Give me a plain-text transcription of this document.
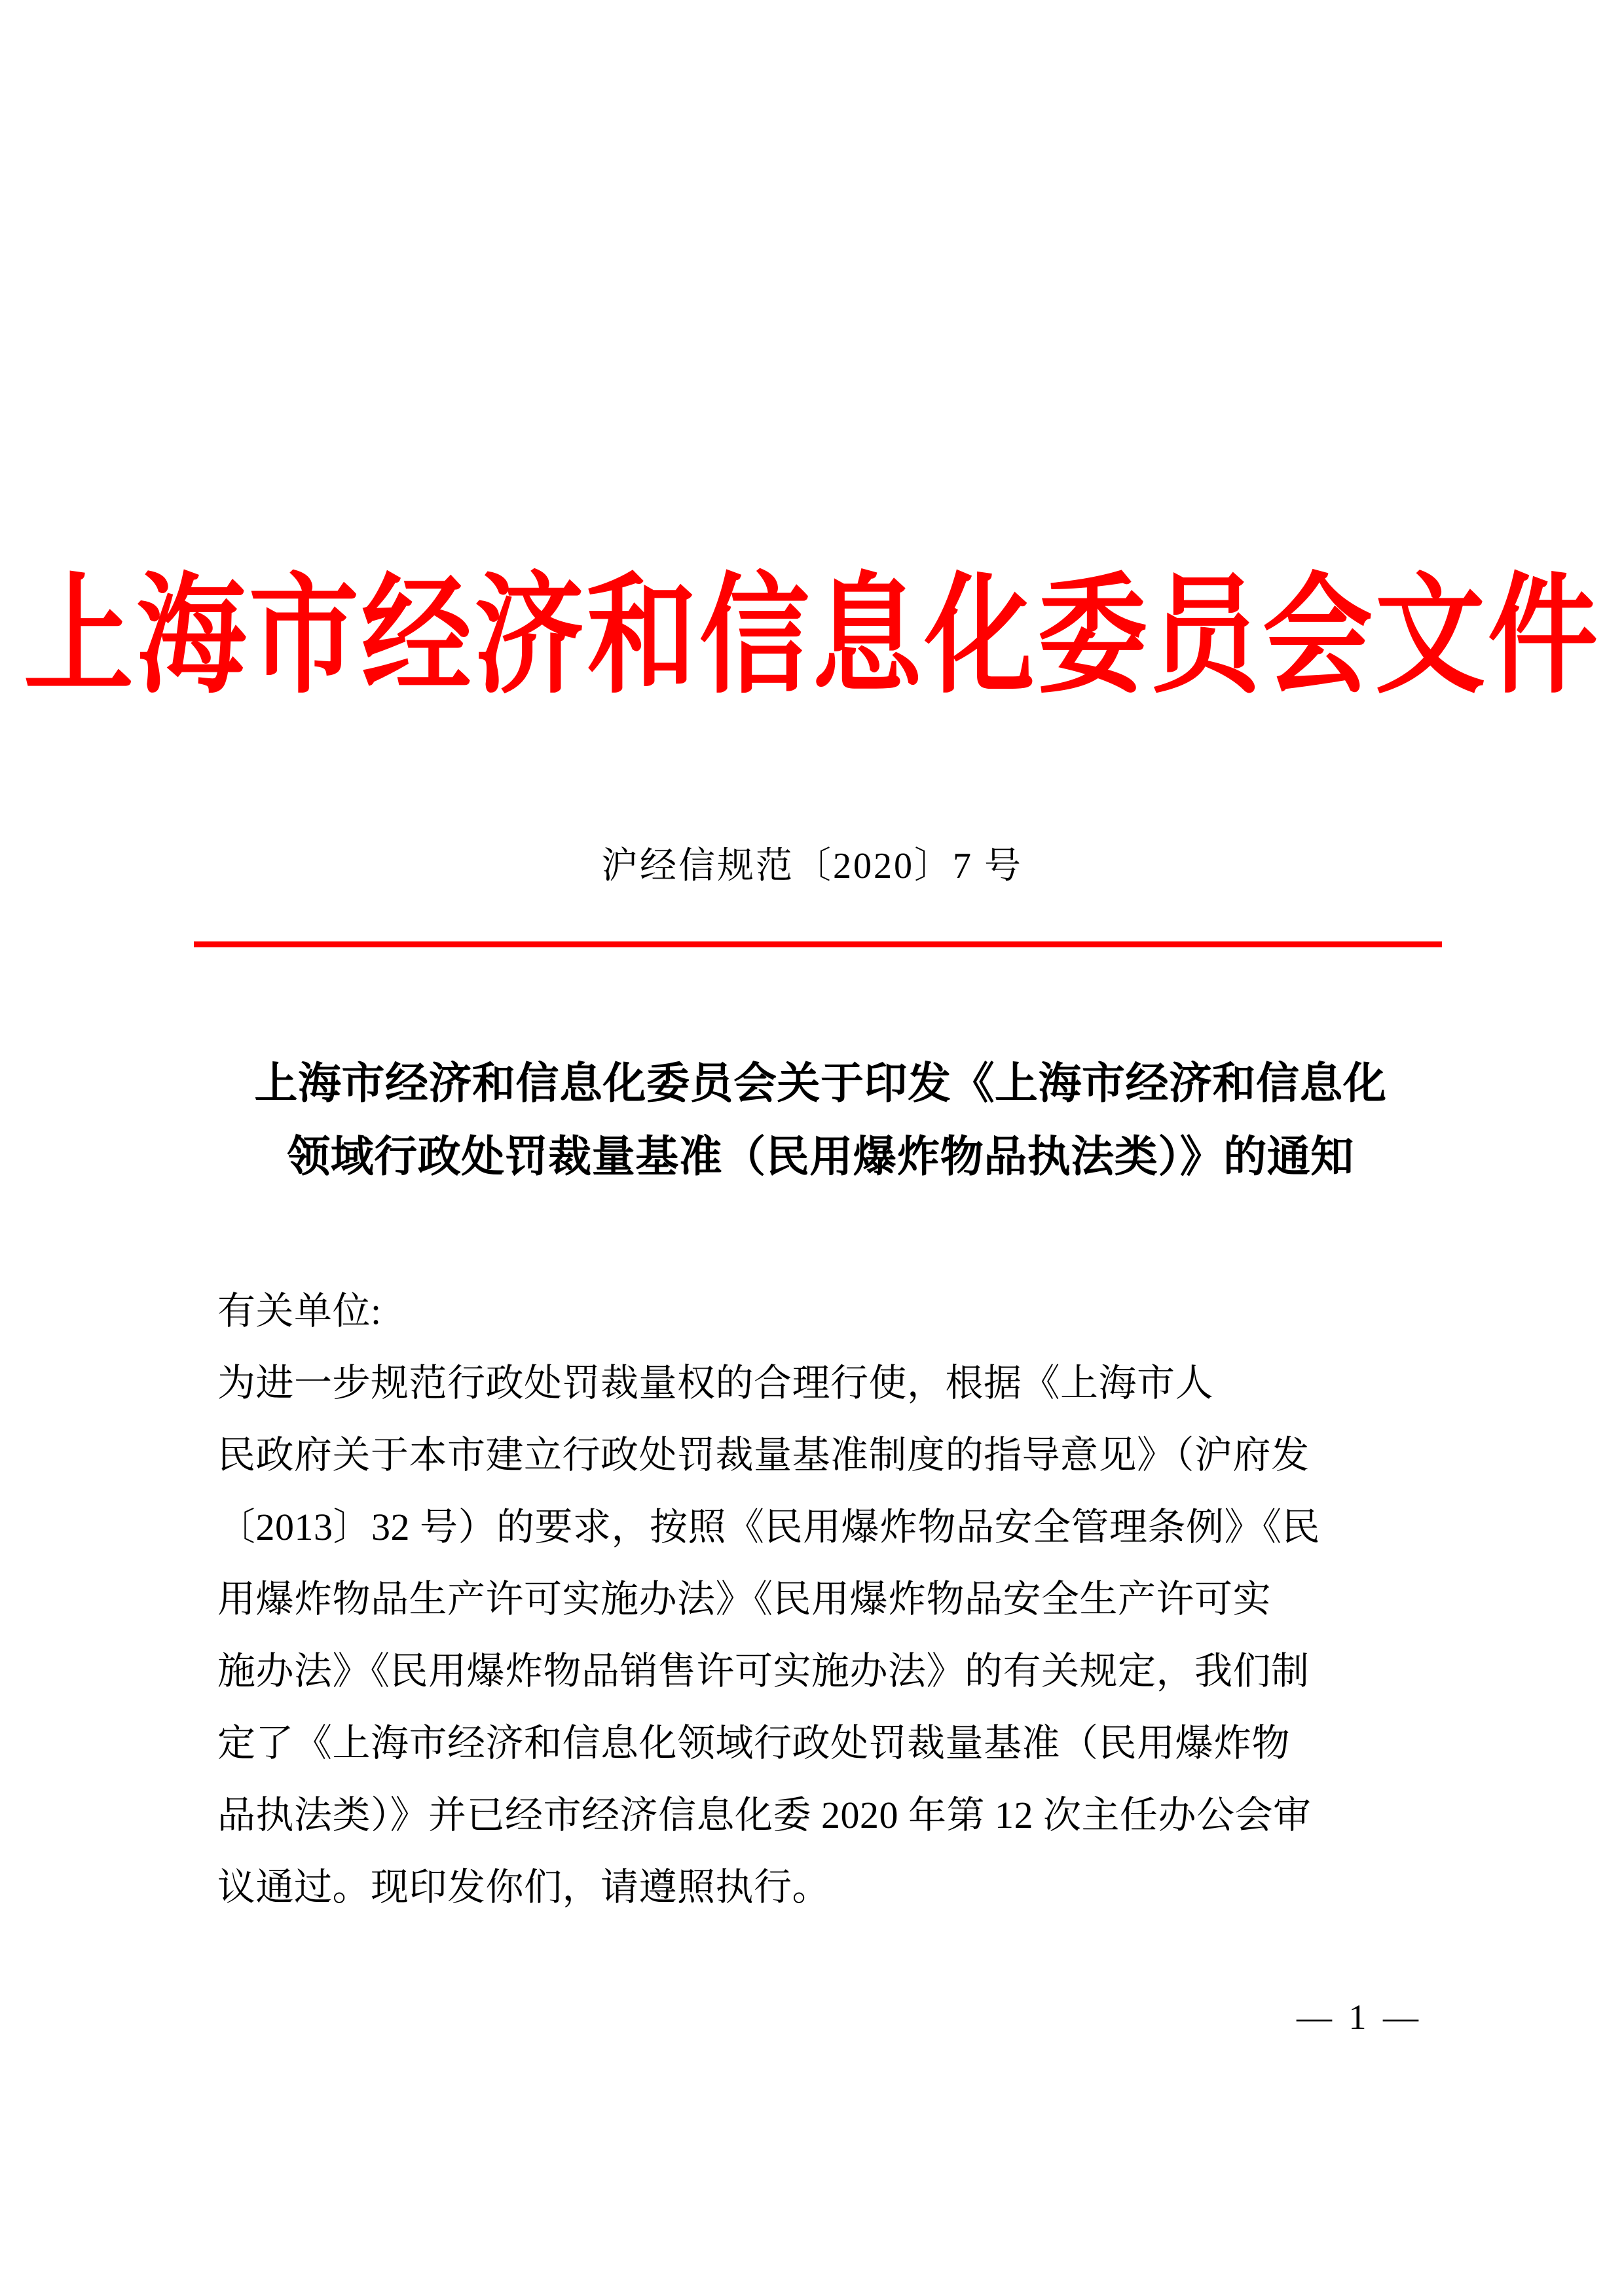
上海市经济和信息化委员会文件
沪经信规范〔2020〕7 号
上海市经济和信息化委员会关于印发《上海市经济和信息化
领域行政处罚裁量基准（民用爆炸物品执法类）》的通知
有关单位:
为进一步规范行政处罚裁量权的合理行使，根据《上海市人
民政府关于本市建立行政处罚裁量基准制度的指导意见》（沪府发
〔2013〕32 号）的要求，按照《民用爆炸物品安全管理条例》《民
用爆炸物品生产许可实施办法》《民用爆炸物品安全生产许可实
施办法》《民用爆炸物品销售许可实施办法》的有关规定，我们制
定了《上海市经济和信息化领域行政处罚裁量基准（民用爆炸物
品执法类）》并已经市经济信息化委 2020 年第 12 次主任办公会审
议通过。现印发你们，请遵照执行。
— 1 —
